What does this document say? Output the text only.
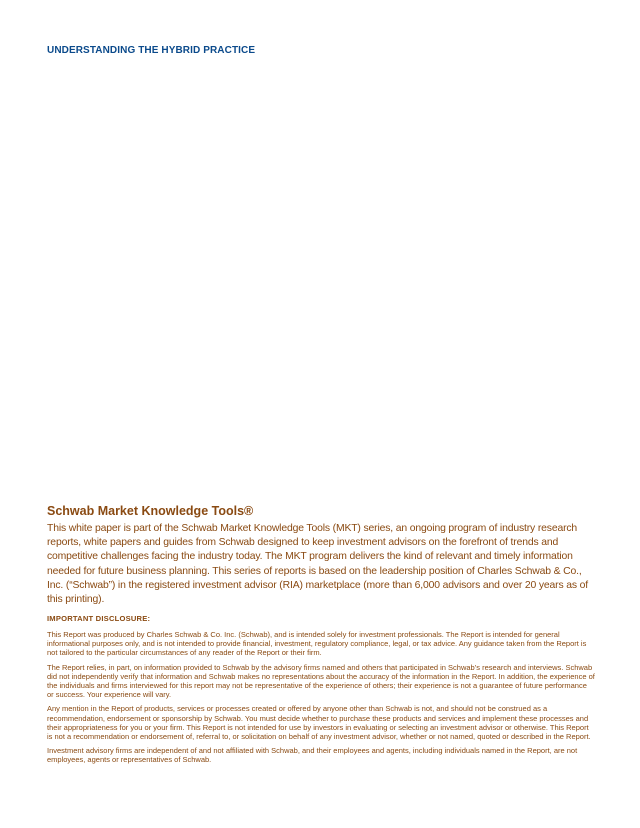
UNDERSTANDING THE HYBRID PRACTICE
Schwab Market Knowledge Tools®

This white paper is part of the Schwab Market Knowledge Tools (MKT) series, an ongoing program of industry research reports, white papers and guides from Schwab designed to keep investment advisors on the forefront of trends and competitive challenges facing the industry today. The MKT program delivers the kind of relevant and timely information needed for future business planning. This series of reports is based on the leadership position of Charles Schwab & Co., Inc. (“Schwab”) in the registered investment advisor (RIA) marketplace (more than 6,000 advisors and over 20 years as of this printing).

IMPORTANT DISCLOSURE:

This Report was produced by Charles Schwab & Co. Inc. (Schwab), and is intended solely for investment professionals. The Report is intended for general informational purposes only, and is not intended to provide financial, investment, regulatory compliance, legal, or tax advice. Any guidance taken from the Report is not tailored to the particular circumstances of any reader of the Report or their firm.

The Report relies, in part, on information provided to Schwab by the advisory firms named and others that participated in Schwab’s research and interviews. Schwab did not independently verify that information and Schwab makes no representations about the accuracy of the information in the Report. In addition, the experience of the individuals and firms interviewed for this report may not be representative of the experience of others; their experience is not a guarantee of future performance or success. Your experience will vary.

Any mention in the Report of products, services or processes created or offered by anyone other than Schwab is not, and should not be construed as a recommendation, endorsement or sponsorship by Schwab. You must decide whether to purchase these products and services and implement these processes and their appropriateness for you or your firm. This Report is not intended for use by investors in evaluating or selecting an investment advisor or otherwise. This Report is not a recommendation or endorsement of, referral to, or solicitation on behalf of any investment advisor, whether or not named, quoted or described in the Report.

Investment advisory firms are independent of and not affiliated with Schwab, and their employees and agents, including individuals named in the Report, are not employees, agents or representatives of Schwab.
